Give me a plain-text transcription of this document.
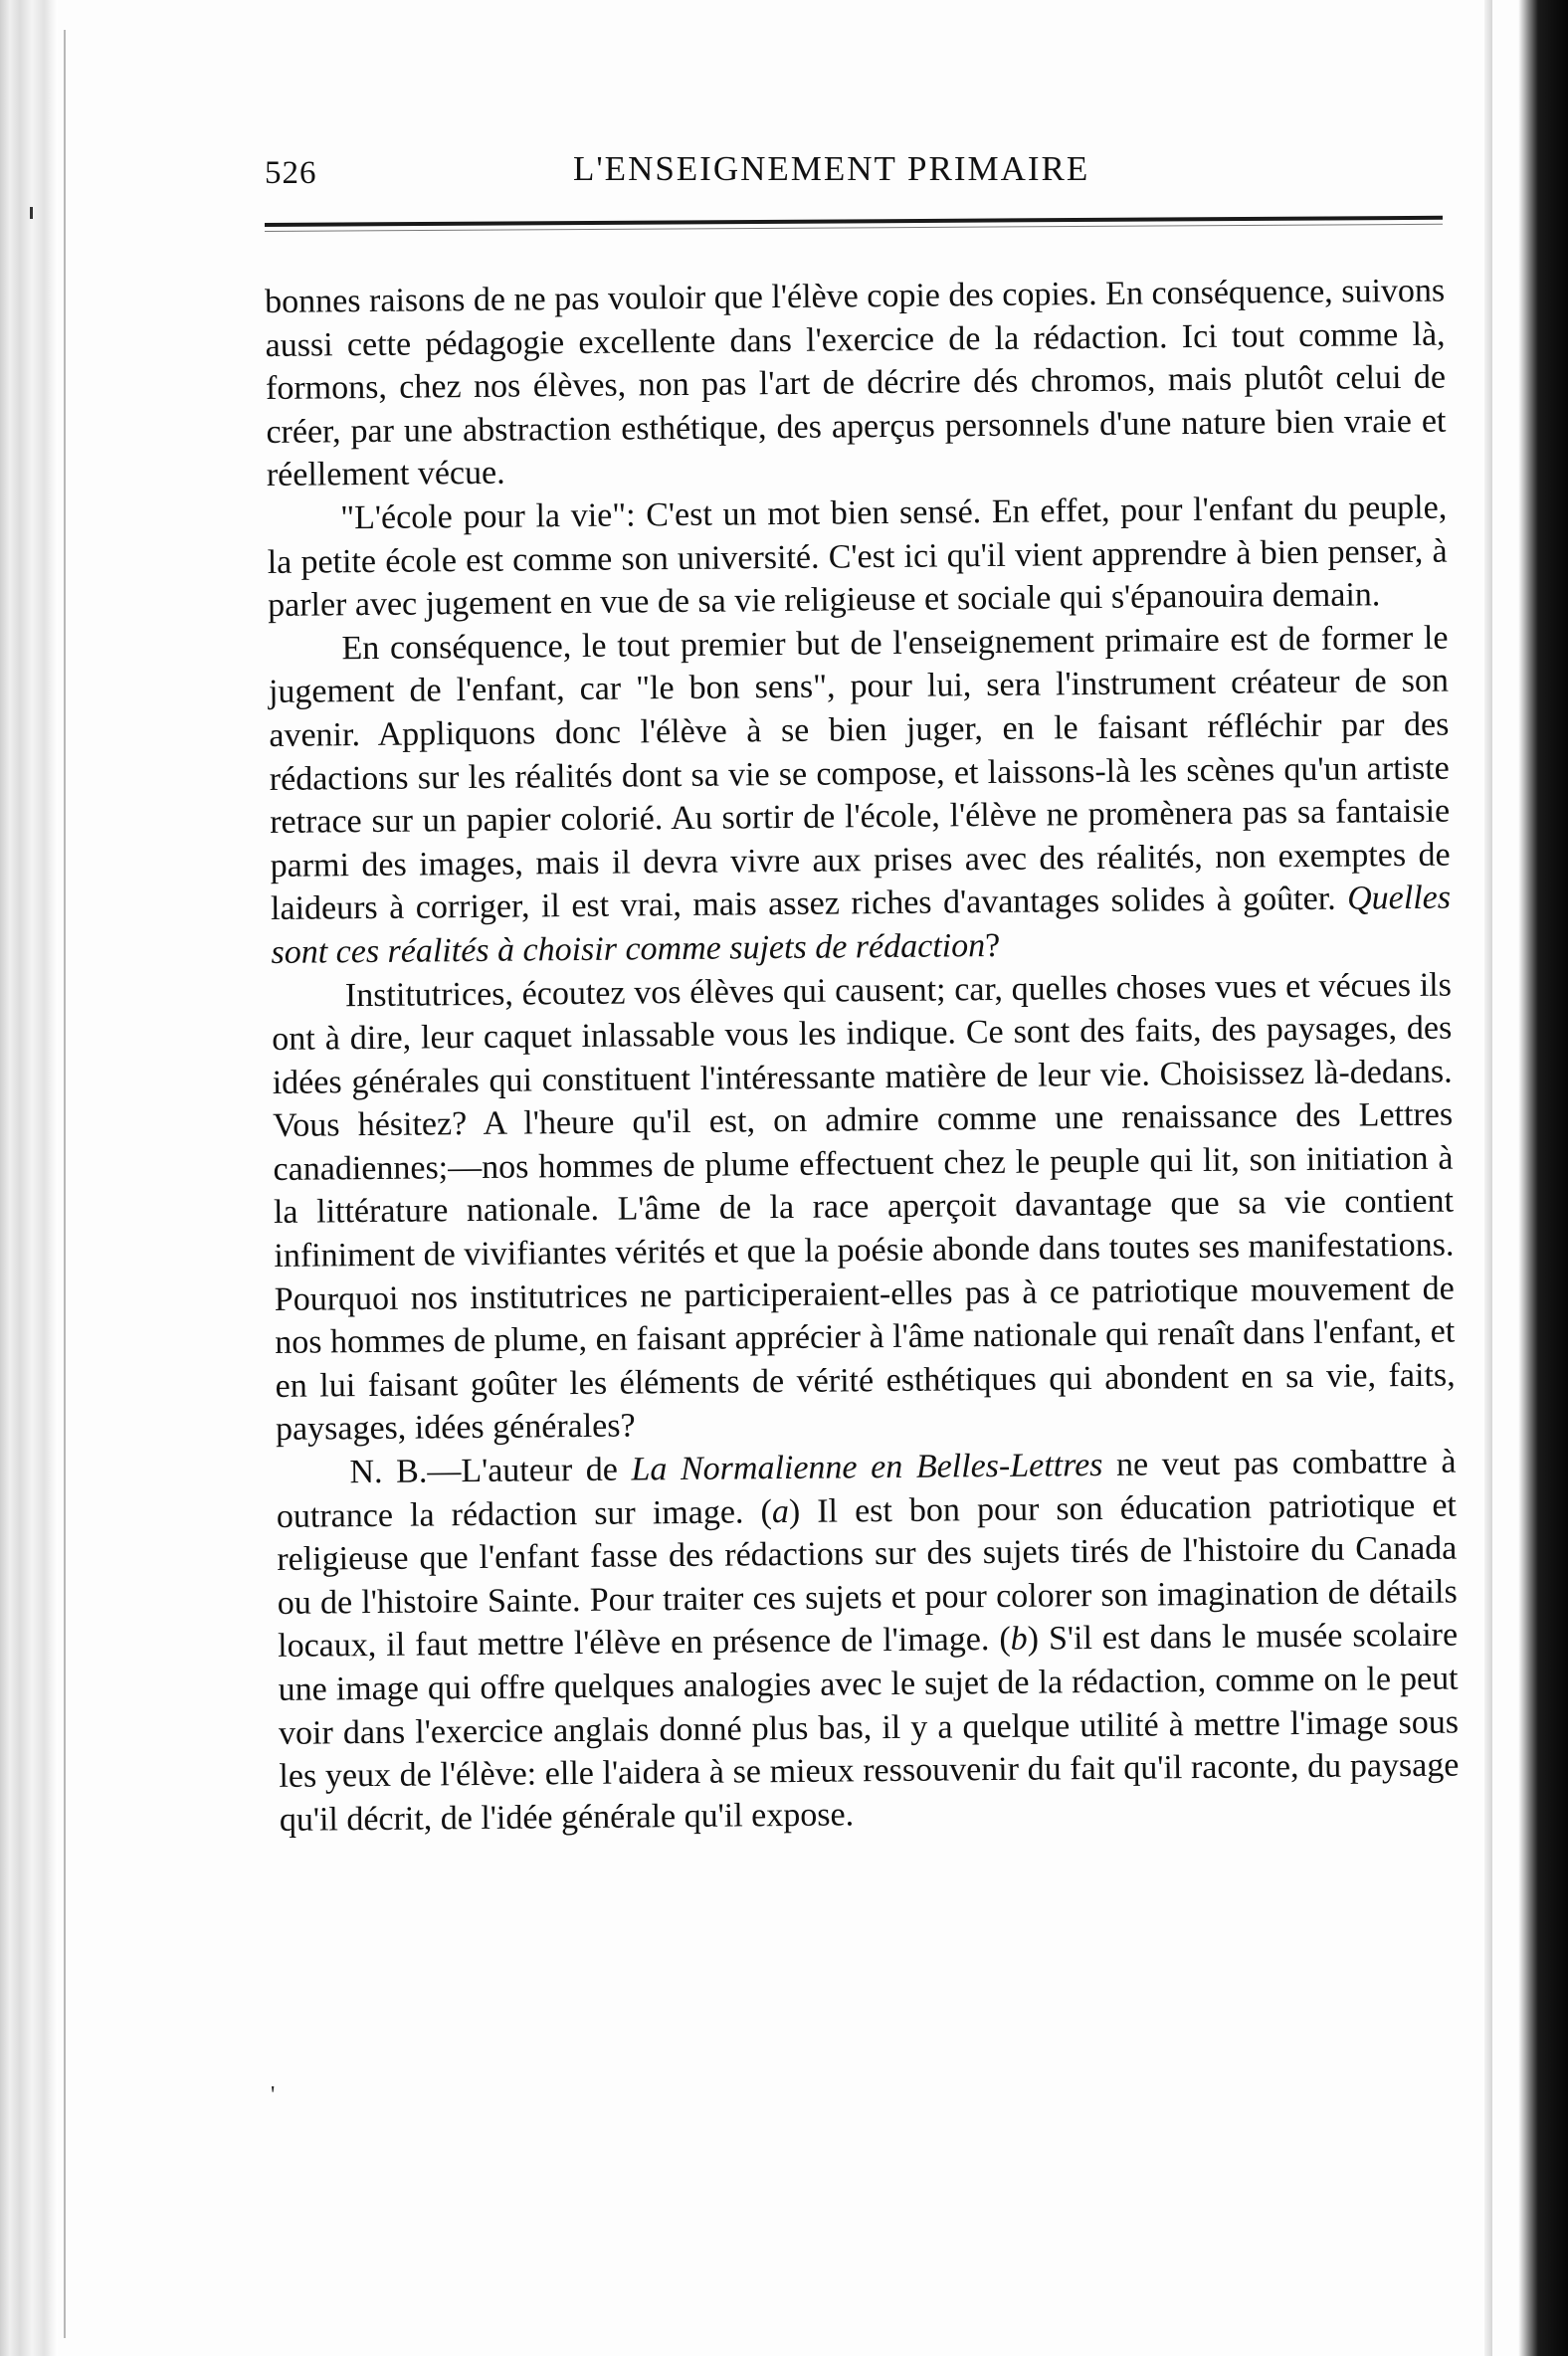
526	L'ENSEIGNEMENT PRIMAIRE

bonnes raisons de ne pas vouloir que l'élève copie des copies. En conséquence, suivons aussi cette pédagogie excellente dans l'exercice de la rédaction. Ici tout comme là, formons, chez nos élèves, non pas l'art de décrire dés chromos, mais plutôt celui de créer, par une abstraction esthétique, des aperçus personnels d'une nature bien vraie et réellement vécue.

"L'école pour la vie": C'est un mot bien sensé. En effet, pour l'enfant du peuple, la petite école est comme son université. C'est ici qu'il vient apprendre à bien penser, à parler avec jugement en vue de sa vie religieuse et sociale qui s'épanouira demain.

En conséquence, le tout premier but de l'enseignement primaire est de former le jugement de l'enfant, car "le bon sens", pour lui, sera l'instrument créateur de son avenir. Appliquons donc l'élève à se bien juger, en le faisant réfléchir par des rédactions sur les réalités dont sa vie se compose, et laissons-là les scènes qu'un artiste retrace sur un papier colorié. Au sortir de l'école, l'élève ne promènera pas sa fantaisie parmi des images, mais il devra vivre aux prises avec des réalités, non exemptes de laideurs à corriger, il est vrai, mais assez riches d'avantages solides à goûter. Quelles sont ces réalités à choisir comme sujets de rédaction?

Institutrices, écoutez vos élèves qui causent; car, quelles choses vues et vécues ils ont à dire, leur caquet inlassable vous les indique. Ce sont des faits, des paysages, des idées générales qui constituent l'intéressante matière de leur vie. Choisissez là-dedans. Vous hésitez? A l'heure qu'il est, on admire comme une renaissance des Lettres canadiennes;—nos hommes de plume effectuent chez le peuple qui lit, son initiation à la littérature nationale. L'âme de la race aperçoit davantage que sa vie contient infiniment de vivifiantes vérités et que la poésie abonde dans toutes ses manifestations. Pourquoi nos institutrices ne participeraient-elles pas à ce patriotique mouvement de nos hommes de plume, en faisant apprécier à l'âme nationale qui renaît dans l'enfant, et en lui faisant goûter les éléments de vérité esthétiques qui abondent en sa vie, faits, paysages, idées générales?

N. B.—L'auteur de La Normalienne en Belles-Lettres ne veut pas combattre à outrance la rédaction sur image. (a) Il est bon pour son éducation patriotique et religieuse que l'enfant fasse des rédactions sur des sujets tirés de l'histoire du Canada ou de l'histoire Sainte. Pour traiter ces sujets et pour colorer son imagination de détails locaux, il faut mettre l'élève en présence de l'image. (b) S'il est dans le musée scolaire une image qui offre quelques analogies avec le sujet de la rédaction, comme on le peut voir dans l'exercice anglais donné plus bas, il y a quelque utilité à mettre l'image sous les yeux de l'élève: elle l'aidera à se mieux ressouvenir du fait qu'il raconte, du paysage qu'il décrit, de l'idée générale qu'il expose.

'
